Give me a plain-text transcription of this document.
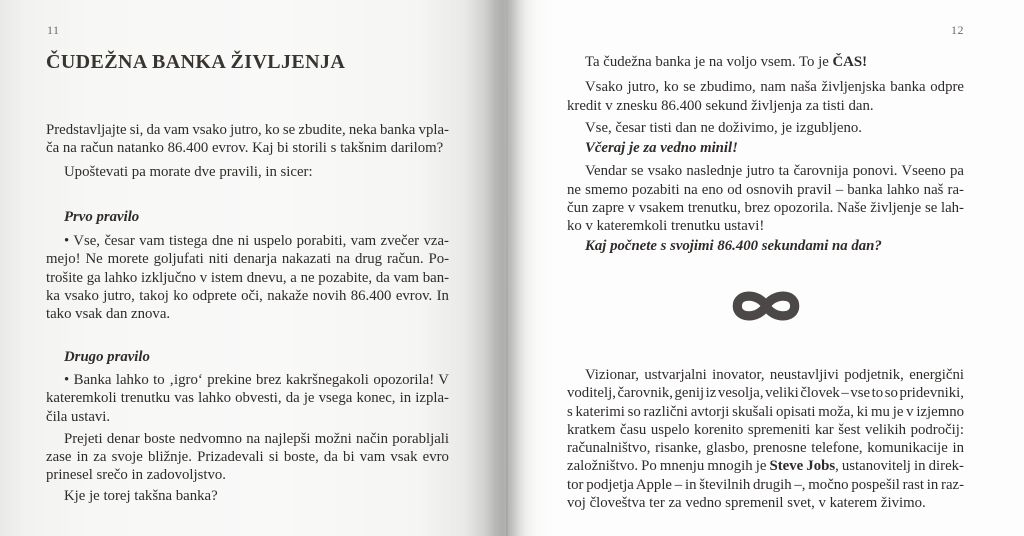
11
ČUDEŽNA BANKA ŽIVLJENJA
Predstavljajte si, da vam vsako jutro, ko se zbudite, neka banka vpla-
ča na račun natanko 86.400 evrov. Kaj bi storili s takšnim darilom?
Upoštevati pa morate dve pravili, in sicer:
Prvo pravilo
• Vse, česar vam tistega dne ni uspelo porabiti, vam zvečer vza-
mejo! Ne morete goljufati niti denarja nakazati na drug račun. Po-
trošite ga lahko izključno v istem dnevu, a ne pozabite, da vam ban-
ka vsako jutro, takoj ko odprete oči, nakaže novih 86.400 evrov. In
tako vsak dan znova.
Drugo pravilo
• Banka lahko to ‚igro‘ prekine brez kakršnegakoli opozorila! V
kateremkoli trenutku vas lahko obvesti, da je vsega konec, in izpla-
čila ustavi.
Prejeti denar boste nedvomno na najlepši možni način porabljali
zase in za svoje bližnje. Prizadevali si boste, da bi vam vsak evro
prinesel srečo in zadovoljstvo.
Kje je torej takšna banka?
12
Ta čudežna banka je na voljo vsem. To je ČAS!
Vsako jutro, ko se zbudimo, nam naša življenjska banka odpre
kredit v znesku 86.400 sekund življenja za tisti dan.
Vse, česar tisti dan ne doživimo, je izgubljeno.
Včeraj je za vedno minil!
Vendar se vsako naslednje jutro ta čarovnija ponovi. Vseeno pa
ne smemo pozabiti na eno od osnovih pravil – banka lahko naš ra-
čun zapre v vsakem trenutku, brez opozorila. Naše življenje se lah-
ko v kateremkoli trenutku ustavi!
Kaj počnete s svojimi 86.400 sekundami na dan?
Vizionar, ustvarjalni inovator, neustavljivi podjetnik, energični
voditelj, čarovnik, genij iz vesolja, veliki človek – vse to so pridevniki,
s katerimi so različni avtorji skušali opisati moža, ki mu je v izjemno
kratkem času uspelo korenito spremeniti kar šest velikih področij:
računalništvo, risanke, glasbo, prenosne telefone, komunikacije in
založništvo. Po mnenju mnogih je Steve Jobs, ustanovitelj in direk-
tor podjetja Apple – in številnih drugih –, močno pospešil rast in raz-
voj človeštva ter za vedno spremenil svet, v katerem živimo.
